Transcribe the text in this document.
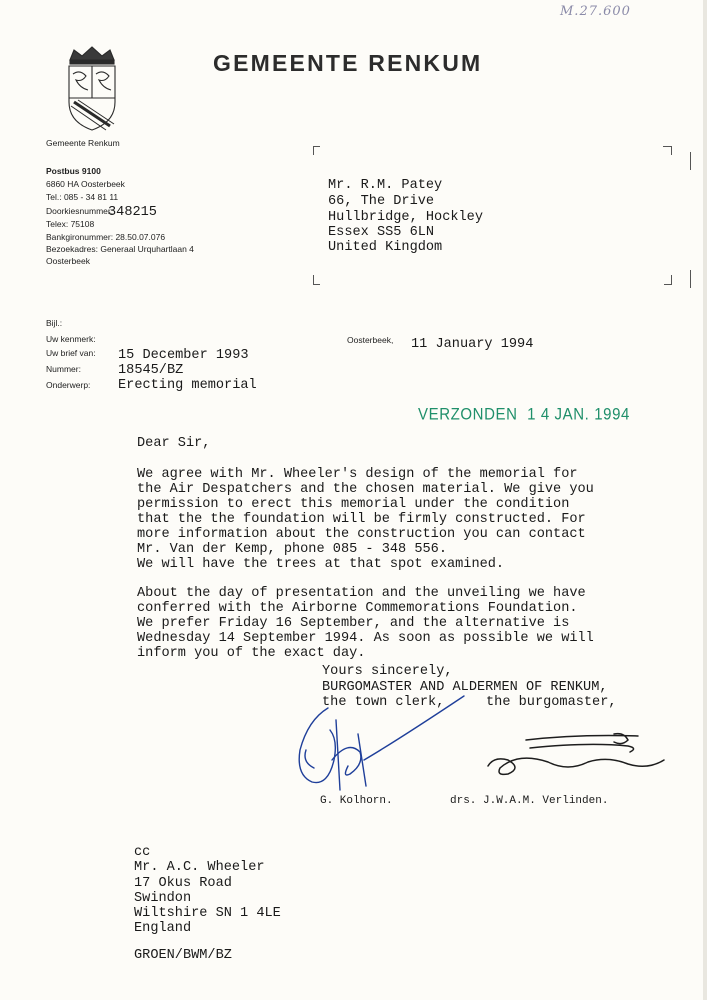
M.27.600
GEMEENTE RENKUM
Gemeente Renkum
Postbus 9100
6860 HA Oosterbeek
Tel.: 085 - 34 81 11
Doorkiesnummer:
348215
Telex: 75108
Bankgironummer: 28.50.07.076
Bezoekadres: Generaal Urquhartlaan 4
Oosterbeek
Mr. R.M. Patey
66, The Drive
Hullbridge, Hockley
Essex SS5 6LN
United Kingdom
Bijl.:
Uw kenmerk:
Uw brief van: 15 December 1993
Nummer:	18545/BZ
Onderwerp: Erecting memorial
Oosterbeek, 11 January 1994
VERZONDEN 1 4 JAN. 1994
Dear Sir,
We agree with Mr. Wheeler's design of the memorial for
the Air Despatchers and the chosen material. We give you
permission to erect this memorial under the condition
that the the foundation will be firmly constructed. For
more information about the construction you can contact
Mr. Van der Kemp, phone 085 - 348 556.
We will have the trees at that spot examined.
About the day of presentation and the unveiling we have
conferred with the Airborne Commemorations Foundation.
We prefer Friday 16 September, and the alternative is
Wednesday 14 September 1994. As soon as possible we will
inform you of the exact day.
Yours sincerely,
BURGOMASTER AND ALDERMEN OF RENKUM,
the town clerk,	the burgomaster,
G. Kolhorn.	drs. J.W.A.M. Verlinden.
cc
Mr. A.C. Wheeler
17 Okus Road
Swindon
Wiltshire SN 1 4LE
England
GROEN/BWM/BZ
